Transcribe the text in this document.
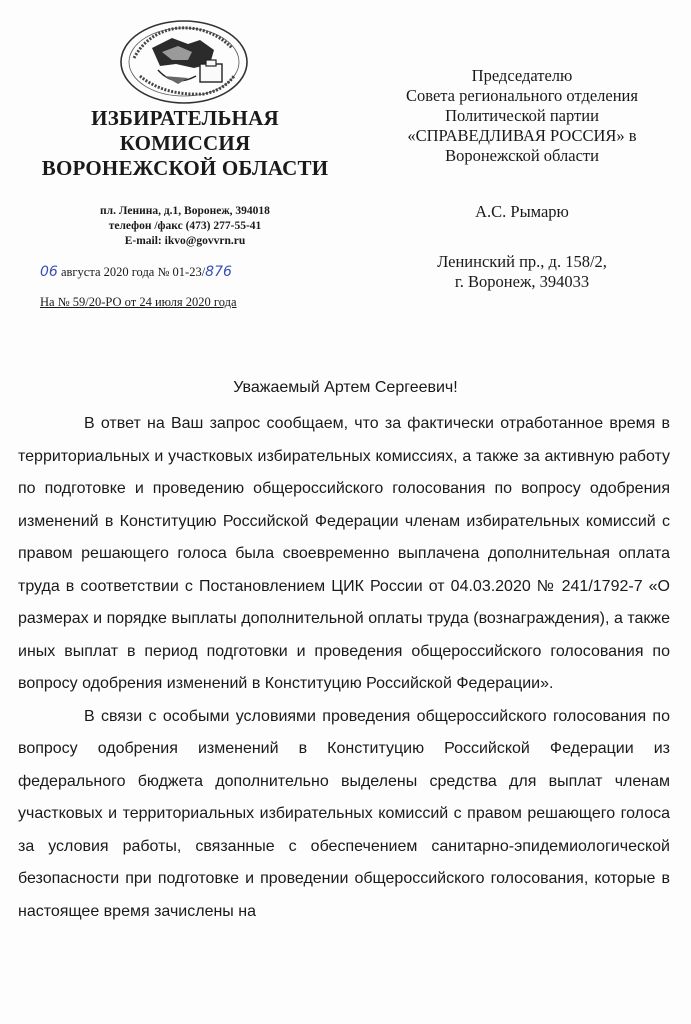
ИЗБИРАТЕЛЬНАЯ
КОМИССИЯ
ВОРОНЕЖСКОЙ ОБЛАСТИ
пл. Ленина, д.1, Воронеж, 394018
телефон /факс (473) 277-55-41
E-mail: ikvo@govvrn.ru
06 августа 2020 года № 01-23/876
На № 59/20-РО от 24 июля 2020 года
Председателю
Совета регионального отделения
Политической партии
«СПРАВЕДЛИВАЯ РОССИЯ» в
Воронежской области
А.С. Рымарю
Ленинский пр., д. 158/2,
г. Воронеж, 394033
Уважаемый Артем Сергеевич!

В ответ на Ваш запрос сообщаем, что за фактически отработанное время в территориальных и участковых избирательных комиссиях, а также за активную работу по подготовке и проведению общероссийского голосования по вопросу одобрения изменений в Конституцию Российской Федерации членам избирательных комиссий с правом решающего голоса была своевременно выплачена дополнительная оплата труда в соответствии с Постановлением ЦИК России от 04.03.2020 № 241/1792-7 «О размерах и порядке выплаты дополнительной оплаты труда (вознаграждения), а также иных выплат в период подготовки и проведения общероссийского голосования по вопросу одобрения изменений в Конституцию Российской Федерации».

В связи с особыми условиями проведения общероссийского голосования по вопросу одобрения изменений в Конституцию Российской Федерации из федерального бюджета дополнительно выделены средства для выплат членам участковых и территориальных избирательных комиссий с правом решающего голоса за условия работы, связанные с обеспечением санитарно-эпидемиологической безопасности при подготовке и проведении общероссийского голосования, которые в настоящее время зачислены на
